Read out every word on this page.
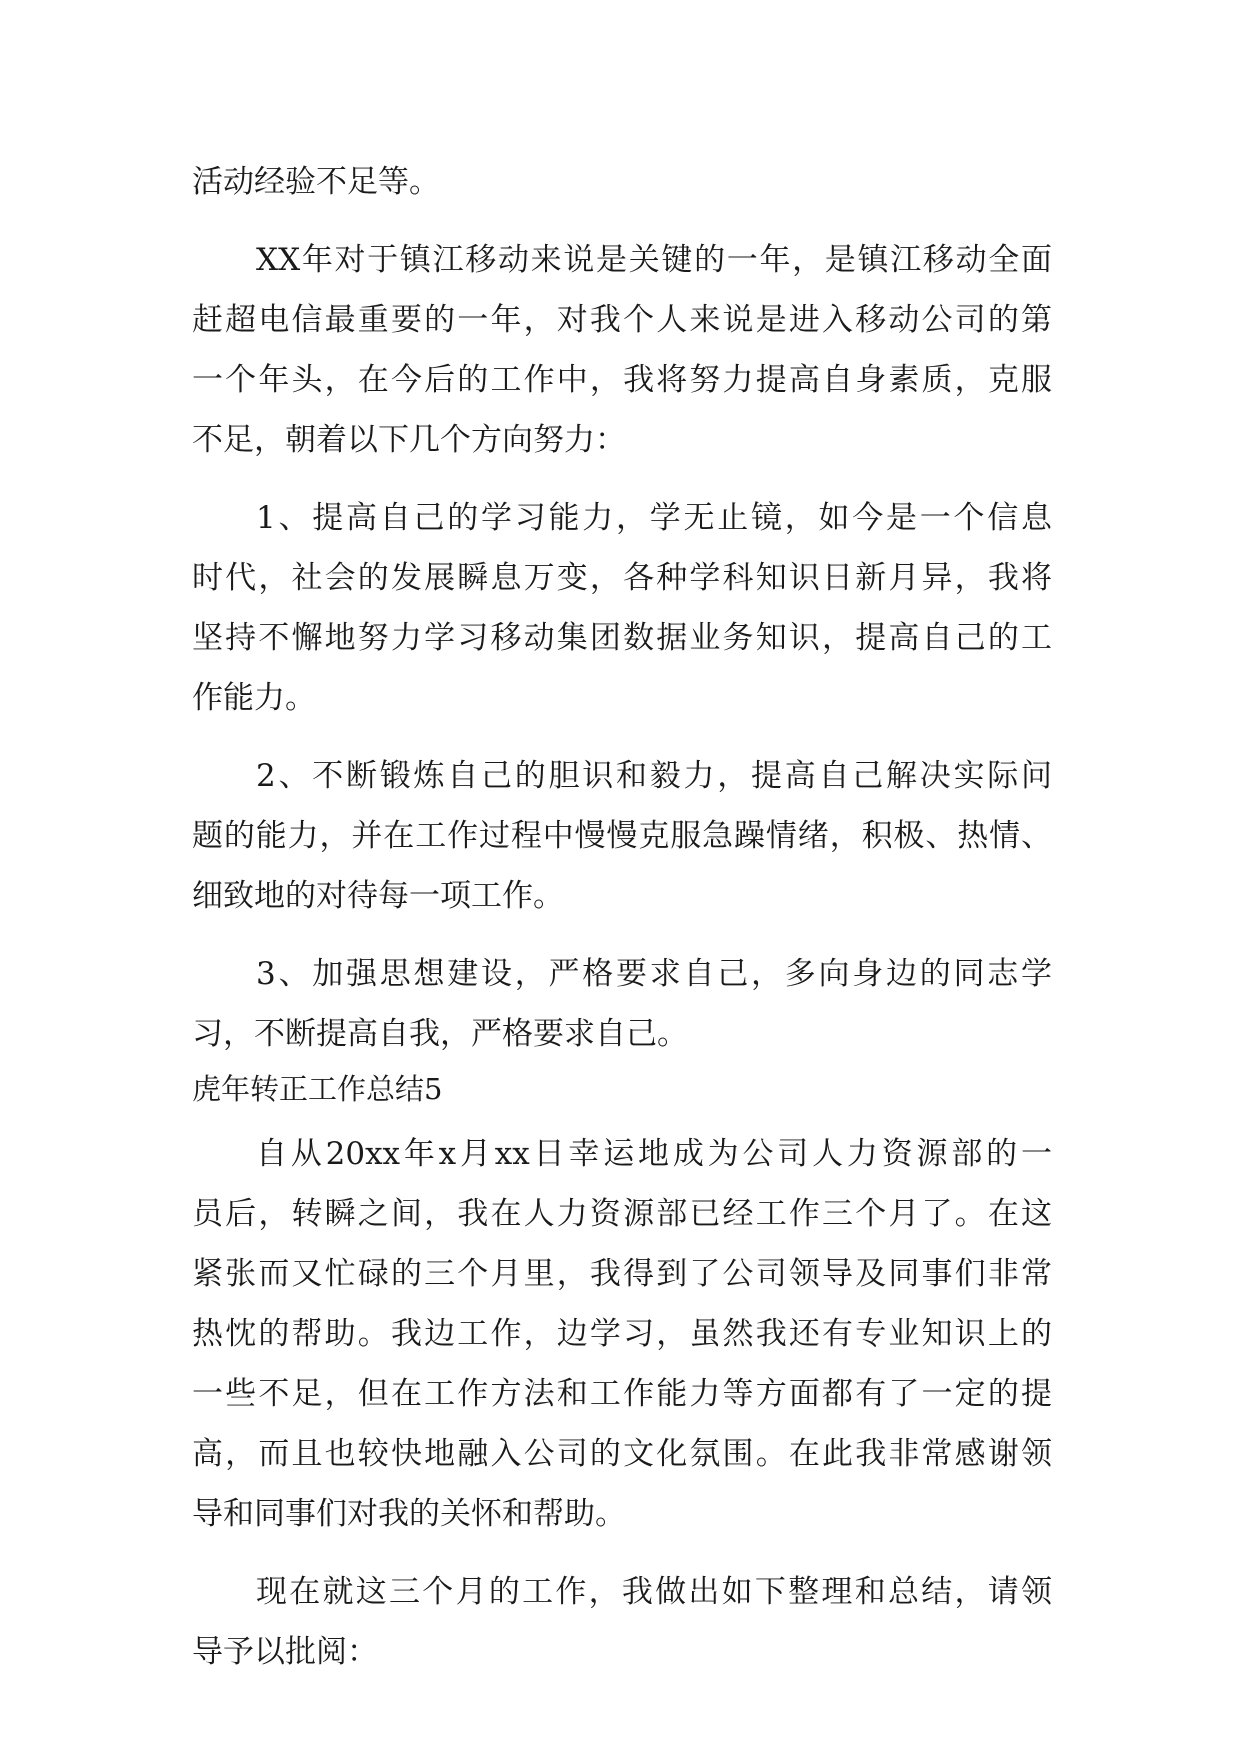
活动经验不足等。
XX年对于镇江移动来说是关键的一年，是镇江移动全面
赶超电信最重要的一年，对我个人来说是进入移动公司的第
一个年头，在今后的工作中，我将努力提高自身素质，克服
不足，朝着以下几个方向努力：
1、提高自己的学习能力，学无止镜，如今是一个信息
时代，社会的发展瞬息万变，各种学科知识日新月异，我将
坚持不懈地努力学习移动集团数据业务知识，提高自己的工
作能力。
2、不断锻炼自己的胆识和毅力，提高自己解决实际问
题的能力，并在工作过程中慢慢克服急躁情绪，积极、热情、
细致地的对待每一项工作。
3、加强思想建设，严格要求自己，多向身边的同志学
习，不断提高自我，严格要求自己。
虎年转正工作总结5
自从20xx年x月xx日幸运地成为公司人力资源部的一
员后，转瞬之间，我在人力资源部已经工作三个月了。在这
紧张而又忙碌的三个月里，我得到了公司领导及同事们非常
热忱的帮助。我边工作，边学习，虽然我还有专业知识上的
一些不足，但在工作方法和工作能力等方面都有了一定的提
高，而且也较快地融入公司的文化氛围。在此我非常感谢领
导和同事们对我的关怀和帮助。
现在就这三个月的工作，我做出如下整理和总结，请领
导予以批阅：
